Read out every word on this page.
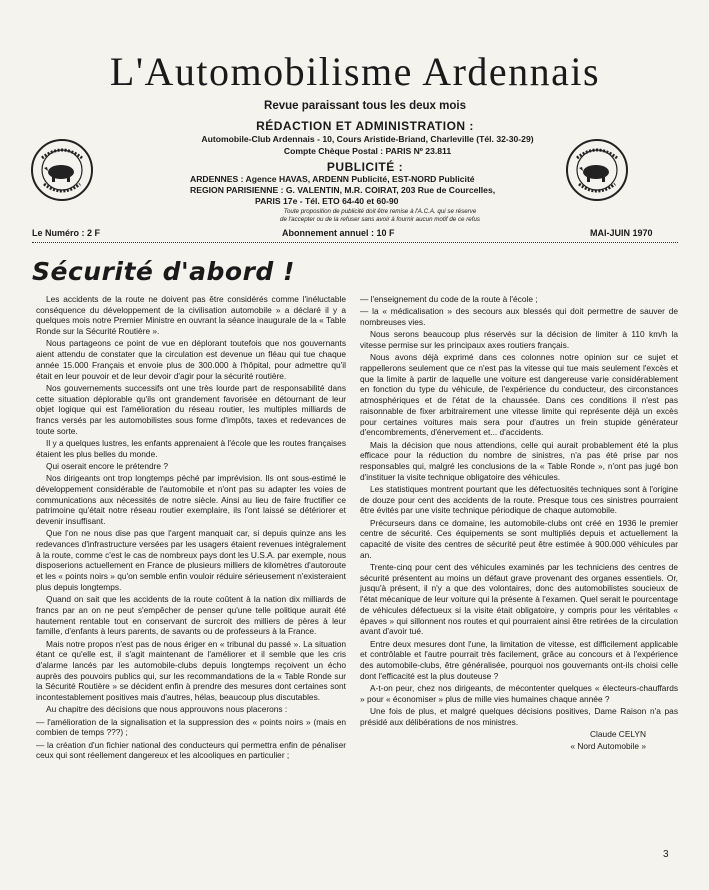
L'Automobilisme Ardennais
Revue paraissant tous les deux mois
RÉDACTION ET ADMINISTRATION :
Automobile-Club Ardennais - 10, Cours Aristide-Briand, Charleville (Tél. 32-30-29)
Compte Chèque Postal : PARIS Nº 23.811
PUBLICITÉ :
ARDENNES : Agence HAVAS, ARDENN Publicité, EST-NORD Publicité
REGION PARISIENNE : G. VALENTIN, M.R. COIRAT, 203 Rue de Courcelles,
PARIS 17e - Tél. ETO 64-40 et 60-90
Toute proposition de publicité doit être remise à l'A.C.A. qui se réserve
de l'accepter ou de la refuser sans avoir à fournir aucun motif de ce refus
Le Numéro : 2 F	Abonnement annuel : 10 F	MAI-JUIN 1970
Sécurité d'abord !

Les accidents de la route ne doivent pas être considérés comme l'inéluctable conséquence du développement de la civilisation automobile » a déclaré il y a quelques mois notre Premier Ministre en ouvrant la séance inaugurale de la « Table Ronde sur la Sécurité Routière ».

Nous partageons ce point de vue en déplorant toutefois que nos gouvernants aient attendu de constater que la circulation est devenue un fléau qui tue chaque année 15.000 Français et envoie plus de 300.000 à l'hôpital, pour admettre qu'il était en leur pouvoir et de leur devoir d'agir pour la sécurité routière.

Nos gouvernements successifs ont une très lourde part de responsabilité dans cette situation déplorable qu'ils ont grandement favorisée en détournant de leur objet logique qui est l'amélioration du réseau routier, les multiples milliards de francs versés par les automobilistes sous forme d'impôts, taxes et redevances de toute sorte.

Il y a quelques lustres, les enfants apprenaient à l'école que les routes françaises étaient les plus belles du monde.

Qui oserait encore le prétendre ?

Nos dirigeants ont trop longtemps péché par imprévision. Ils ont sous-estimé le développement considérable de l'automobile et n'ont pas su adapter les voies de communications aux nécessités de notre siècle. Ainsi au lieu de faire fructifier ce patrimoine qu'était notre réseau routier exemplaire, ils l'ont laissé se détériorer et devenir insuffisant.

Que l'on ne nous dise pas que l'argent manquait car, si depuis quinze ans les redevances d'infrastructure versées par les usagers étaient revenues intégralement à la route, comme c'est le cas de nombreux pays dont les U.S.A. par exemple, nous disposerions actuellement en France de plusieurs milliers de kilomètres d'autoroute et les « points noirs » qu'on semble enfin vouloir réduire sérieusement n'existeraient plus depuis longtemps.

Quand on sait que les accidents de la route coûtent à la nation dix milliards de francs par an on ne peut s'empêcher de penser qu'une telle politique aurait été hautement rentable tout en conservant de surcroit des milliers de pères à leur famille, d'enfants à leurs parents, de savants ou de professeurs à la France.

Mais notre propos n'est pas de nous ériger en « tribunal du passé ». La situation étant ce qu'elle est, il s'agit maintenant de l'améliorer et il semble que les cris d'alarme lancés par les automobile-clubs depuis longtemps reçoivent un écho auprès des pouvoirs publics qui, sur les recommandations de la « Table Ronde sur la Sécurité Routière » se décident enfin à prendre des mesures dont certaines sont incontestablement positives mais d'autres, hélas, beaucoup plus discutables.

Au chapitre des décisions que nous approuvons nous placerons :

— l'amélioration de la signalisation et la suppression des « points noirs » (mais en combien de temps ???) ;

— la création d'un fichier national des conducteurs qui permettra enfin de pénaliser ceux qui sont réellement dangereux et les alcooliques en particulier ;

— l'enseignement du code de la route à l'école ;

— la « médicalisation » des secours aux blessés qui doit permettre de sauver de nombreuses vies.

Nous serons beaucoup plus réservés sur la décision de limiter à 110 km/h la vitesse permise sur les principaux axes routiers français.

Nous avons déjà exprimé dans ces colonnes notre opinion sur ce sujet et rappellerons seulement que ce n'est pas la vitesse qui tue mais seulement l'excès et que la limite à partir de laquelle une voiture est dangereuse varie considérablement en fonction du type du véhicule, de l'expérience du conducteur, des circonstances atmosphériques et de l'état de la chaussée. Dans ces conditions il n'est pas raisonnable de fixer arbitrairement une vitesse limite qui représente déjà un excès pour certaines voitures mais sera pour d'autres un frein stupide générateur d'encombrements, d'énervement et... d'accidents.

Mais la décision que nous attendions, celle qui aurait probablement été la plus efficace pour la réduction du nombre de sinistres, n'a pas été prise par nos responsables qui, malgré les conclusions de la « Table Ronde », n'ont pas jugé bon d'instituer la visite technique obligatoire des véhicules.

Les statistiques montrent pourtant que les défectuosités techniques sont à l'origine de douze pour cent des accidents de la route. Presque tous ces sinistres pourraient être évités par une visite technique périodique de chaque automobile.

Précurseurs dans ce domaine, les automobile-clubs ont créé en 1936 le premier centre de sécurité. Ces équipements se sont multipliés depuis et actuellement la capacité de visite des centres de sécurité peut être estimée à 900.000 véhicules par an.

Trente-cinq pour cent des véhicules examinés par les techniciens des centres de sécurité présentent au moins un défaut grave provenant des organes essentiels. Or, jusqu'à présent, il n'y a que des volontaires, donc des automobilistes soucieux de l'état mécanique de leur voiture qui la présente à l'examen. Quel serait le pourcentage de véhicules défectueux si la visite était obligatoire, y compris pour les véritables « épaves » qui sillonnent nos routes et qui pourraient ainsi être retirées de la circulation avant d'avoir tué.

Entre deux mesures dont l'une, la limitation de vitesse, est difficilement applicable et contrôlable et l'autre pourrait très facilement, grâce au concours et à l'expérience des automobile-clubs, être généralisée, pourquoi nos gouvernants ont-ils choisi celle dont l'efficacité est la plus douteuse ?

A-t-on peur, chez nos dirigeants, de mécontenter quelques « électeurs-chauffards » pour « économiser » plus de mille vies humaines chaque année ?

Une fois de plus, et malgré quelques décisions positives, Dame Raison n'a pas présidé aux délibérations de nos ministres.

Claude CELYN

« Nord Automobile »

3
